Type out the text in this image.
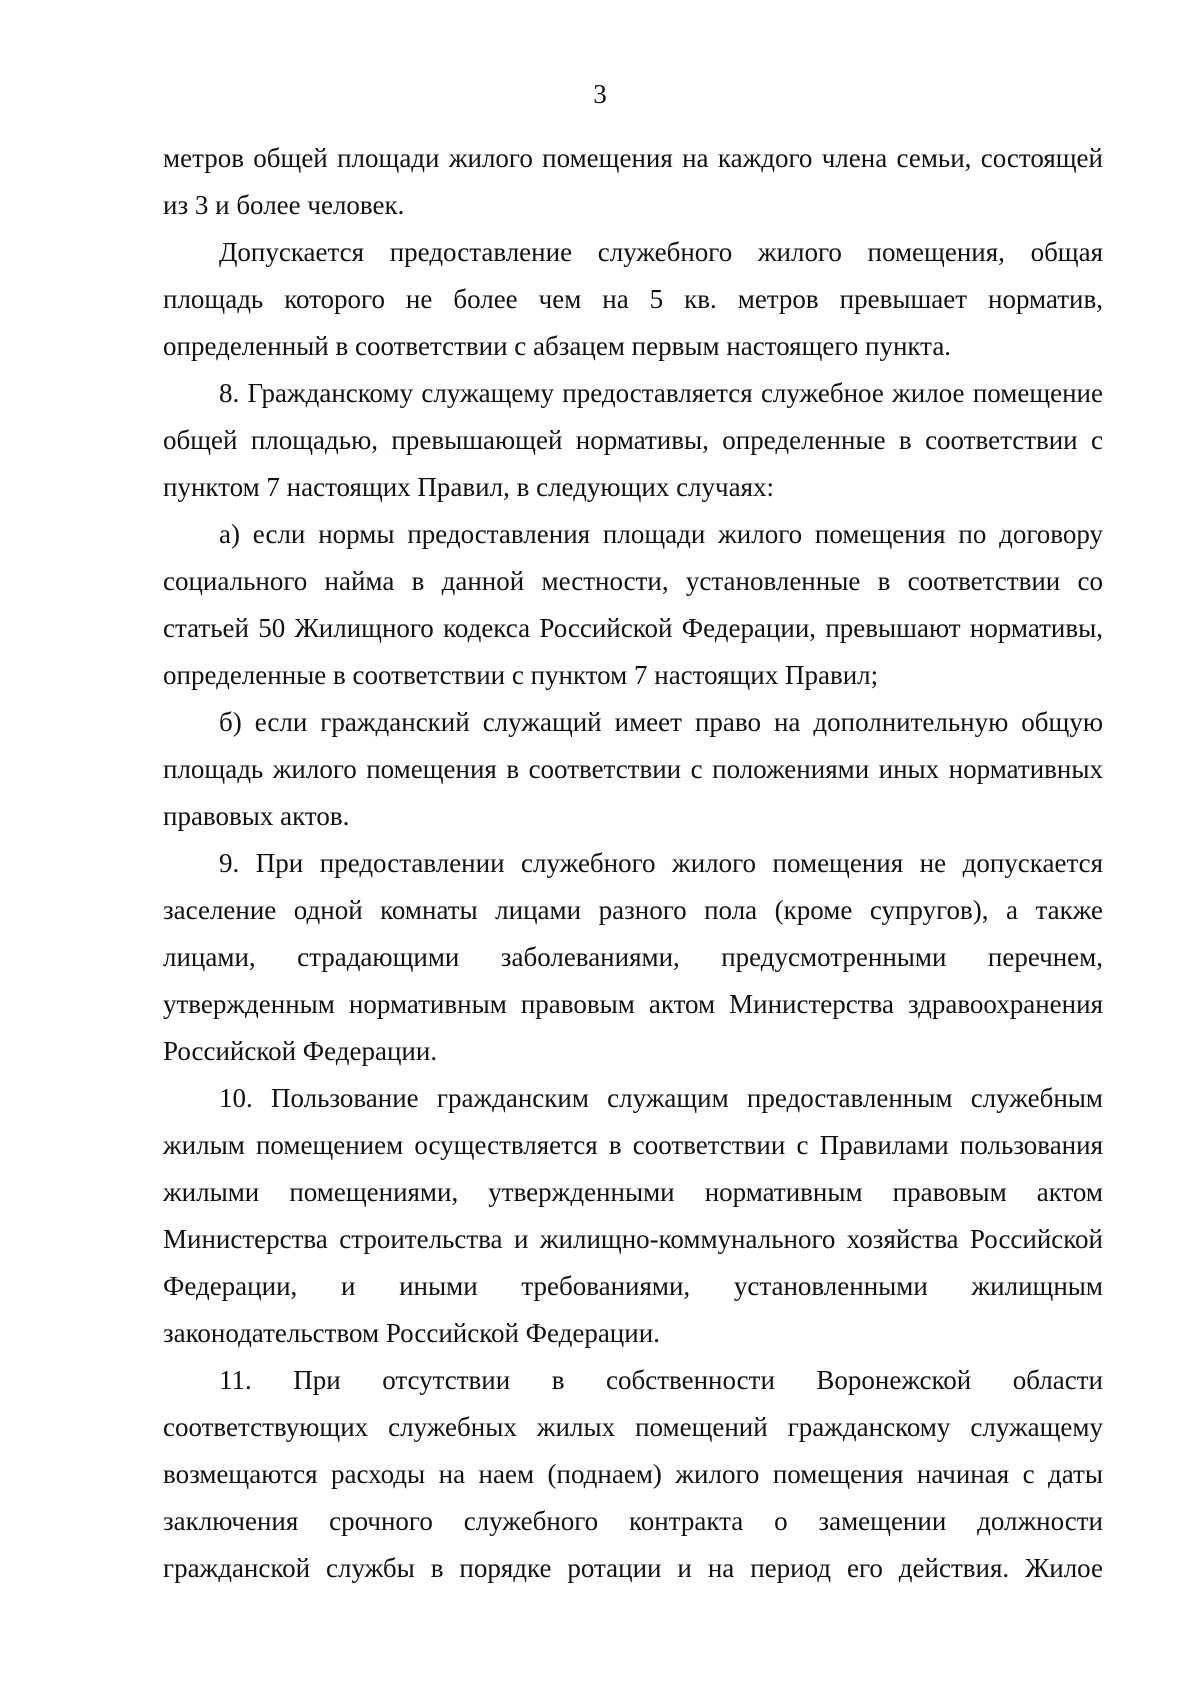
3

метров общей площади жилого помещения на каждого члена семьи, состоящей из 3 и более человек.

Допускается предоставление служебного жилого помещения, общая площадь которого не более чем на 5 кв. метров превышает норматив, определенный в соответствии с абзацем первым настоящего пункта.

8. Гражданскому служащему предоставляется служебное жилое помещение общей площадью, превышающей нормативы, определенные в соответствии с пунктом 7 настоящих Правил, в следующих случаях:

а) если нормы предоставления площади жилого помещения по договору социального найма в данной местности, установленные в соответствии со статьей 50 Жилищного кодекса Российской Федерации, превышают нормативы, определенные в соответствии с пунктом 7 настоящих Правил;

б) если гражданский служащий имеет право на дополнительную общую площадь жилого помещения в соответствии с положениями иных нормативных правовых актов.

9. При предоставлении служебного жилого помещения не допускается заселение одной комнаты лицами разного пола (кроме супругов), а также лицами, страдающими заболеваниями, предусмотренными перечнем, утвержденным нормативным правовым актом Министерства здравоохранения Российской Федерации.

10. Пользование гражданским служащим предоставленным служебным жилым помещением осуществляется в соответствии с Правилами пользования жилыми помещениями, утвержденными нормативным правовым актом Министерства строительства и жилищно-коммунального хозяйства Российской Федерации, и иными требованиями, установленными жилищным законодательством Российской Федерации.

11. При отсутствии в собственности Воронежской области соответствующих служебных жилых помещений гражданскому служащему возмещаются расходы на наем (поднаем) жилого помещения начиная с даты заключения срочного служебного контракта о замещении должности гражданской службы в порядке ротации и на период его действия. Жилое
